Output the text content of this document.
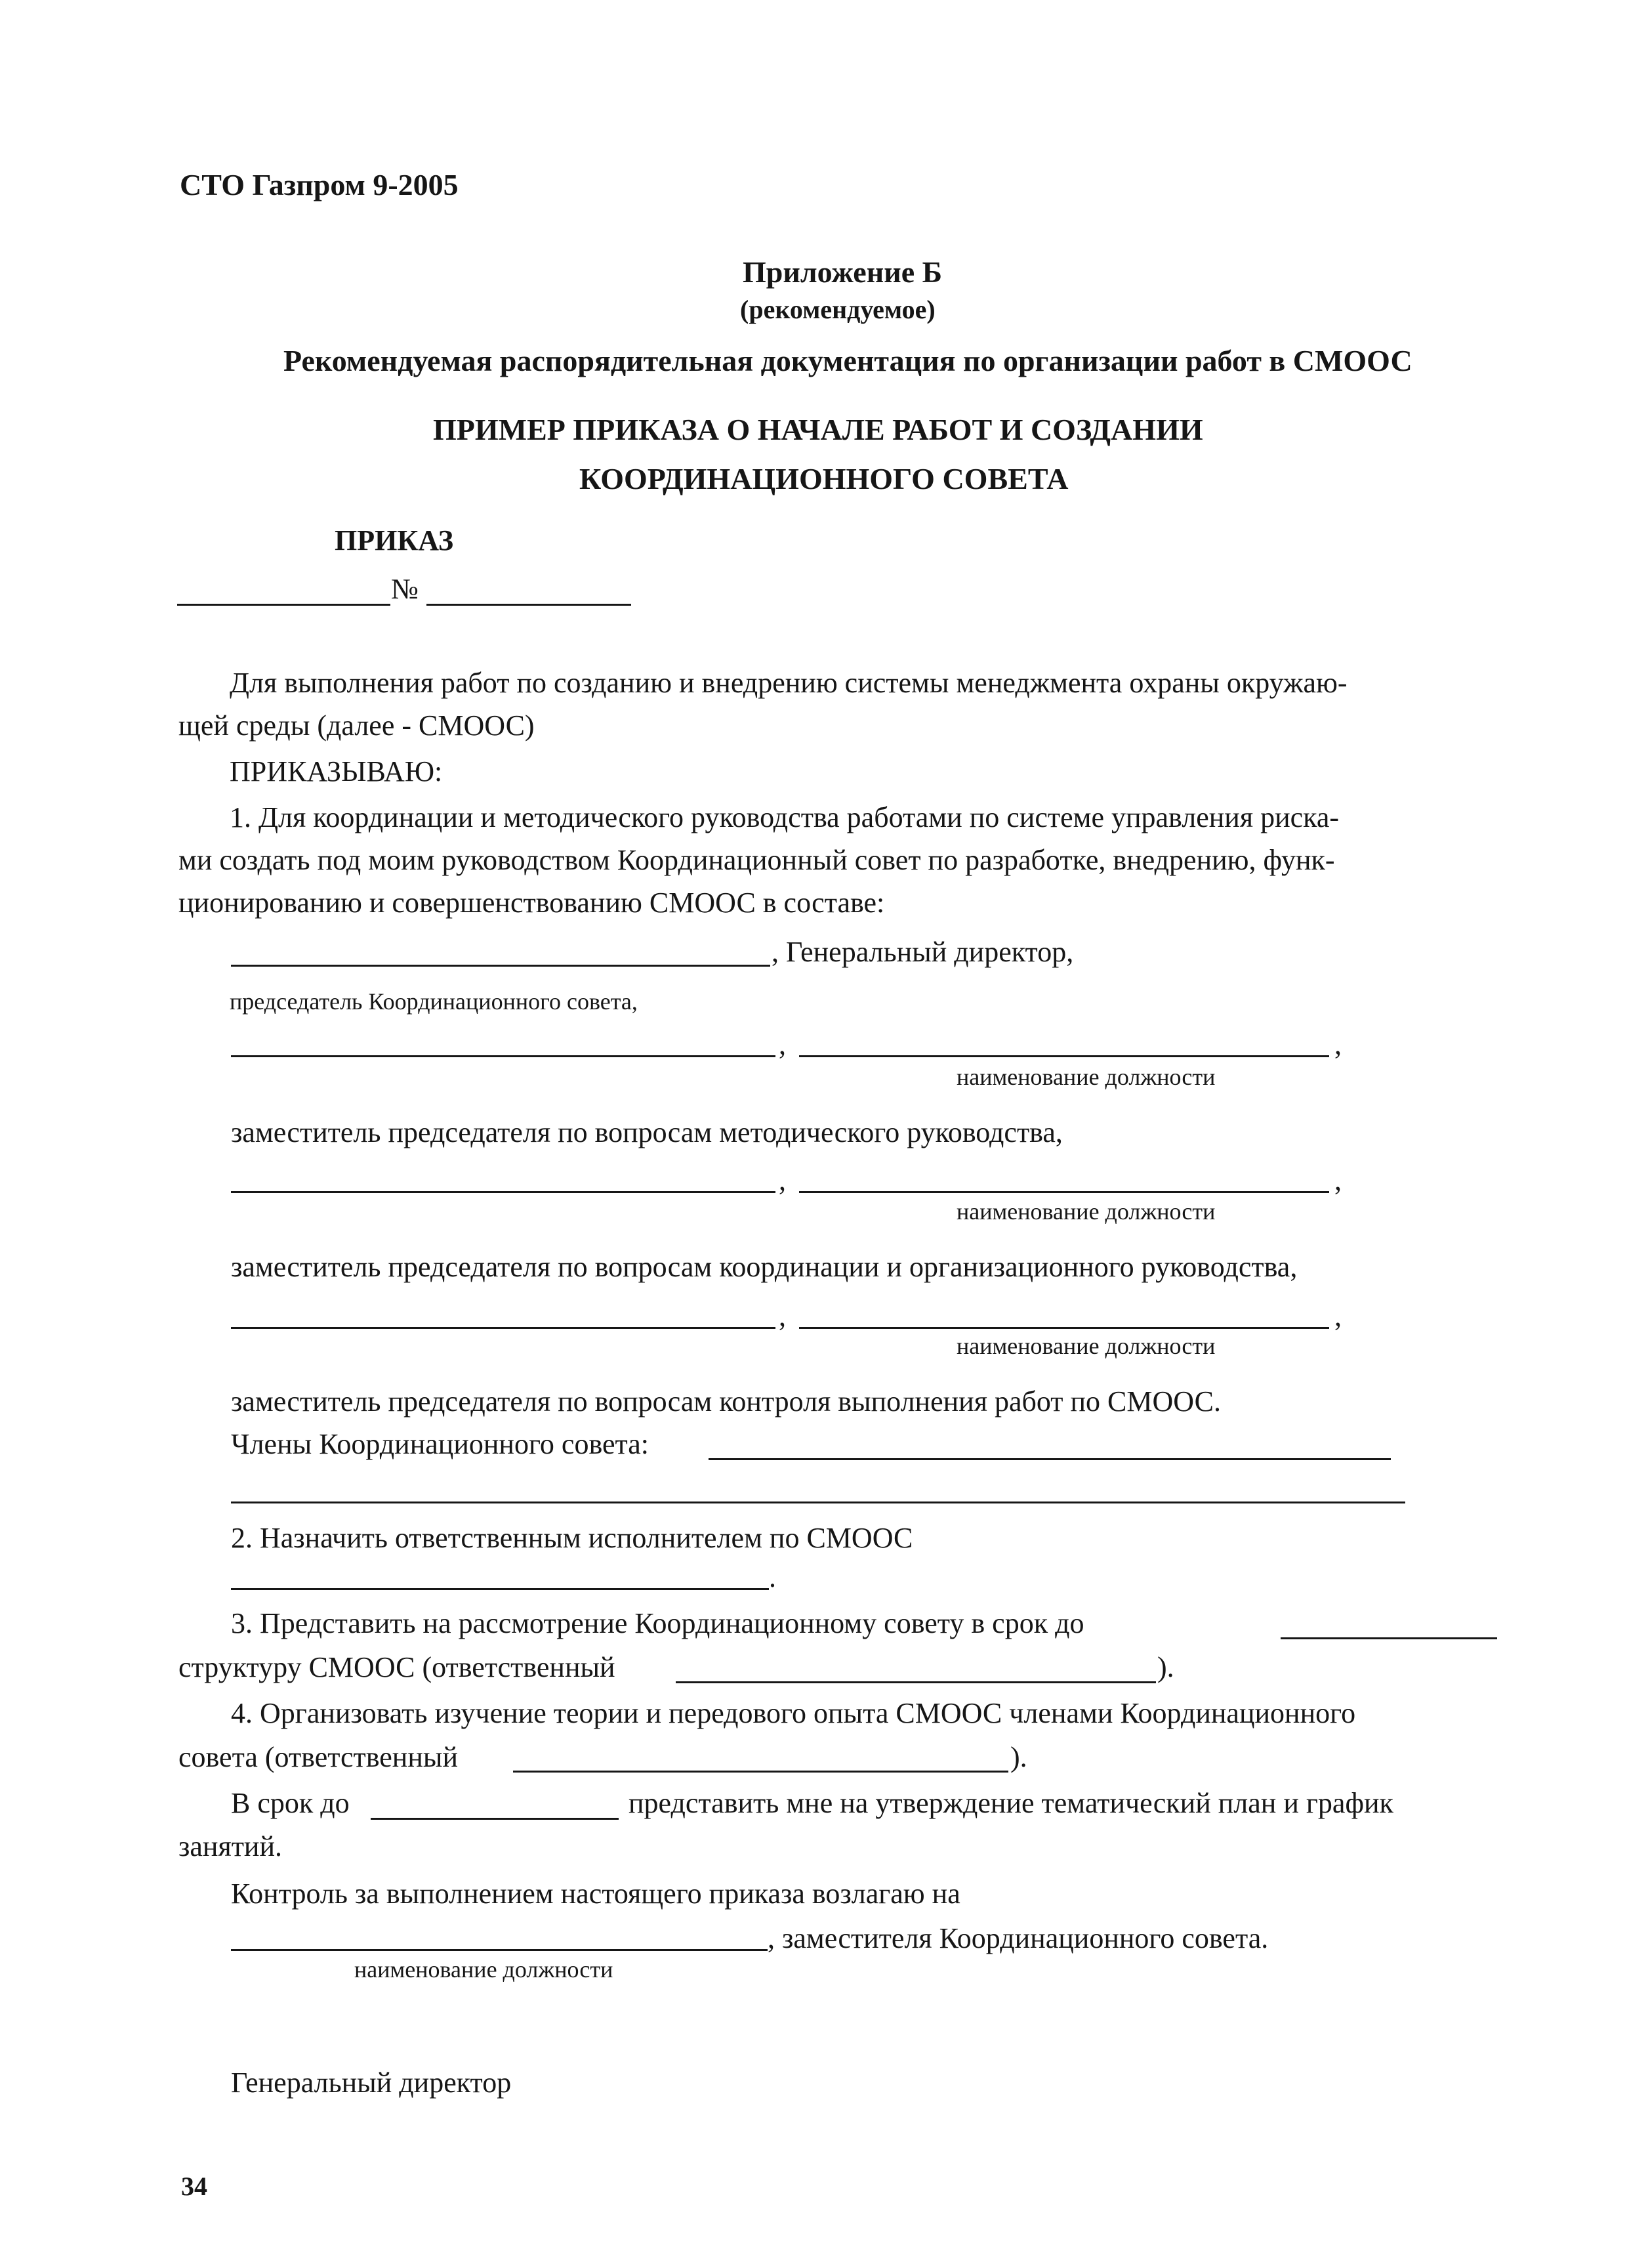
СТО Газпром 9-2005
Приложение Б
(рекомендуемое)
Рекомендуемая распорядительная документация по организации работ в СМООС
ПРИМЕР ПРИКАЗА О НАЧАЛЕ РАБОТ И СОЗДАНИИ
КООРДИНАЦИОННОГО СОВЕТА
ПРИКАЗ
№
Для выполнения работ по созданию и внедрению системы менеджмента охраны окружаю-
щей среды (далее - СМООС)
ПРИКАЗЫВАЮ:
1. Для координации и методического руководства работами по системе управления риска-
ми создать под моим руководством Координационный совет по разработке, внедрению, функ-
ционированию и совершенствованию СМООС в составе:
, Генеральный директор,
председатель Координационного совета,
,	,
наименование должности
заместитель председателя по вопросам методического руководства,
,	,
наименование должности
заместитель председателя по вопросам координации и организационного руководства,
,	,
наименование должности
заместитель председателя по вопросам контроля выполнения работ по СМООС.
Члены Координационного совета:
2. Назначить ответственным исполнителем по СМООС
.
3. Представить на рассмотрение Координационному совету в срок до
структуру СМООС (ответственный	).
4. Организовать изучение теории и передового опыта СМООС членами Координационного
совета (ответственный	).
В срок до	представить мне на утверждение тематический план и график
занятий.
Контроль за выполнением настоящего приказа возлагаю на
, заместителя Координационного совета.
наименование должности
Генеральный директор
34
